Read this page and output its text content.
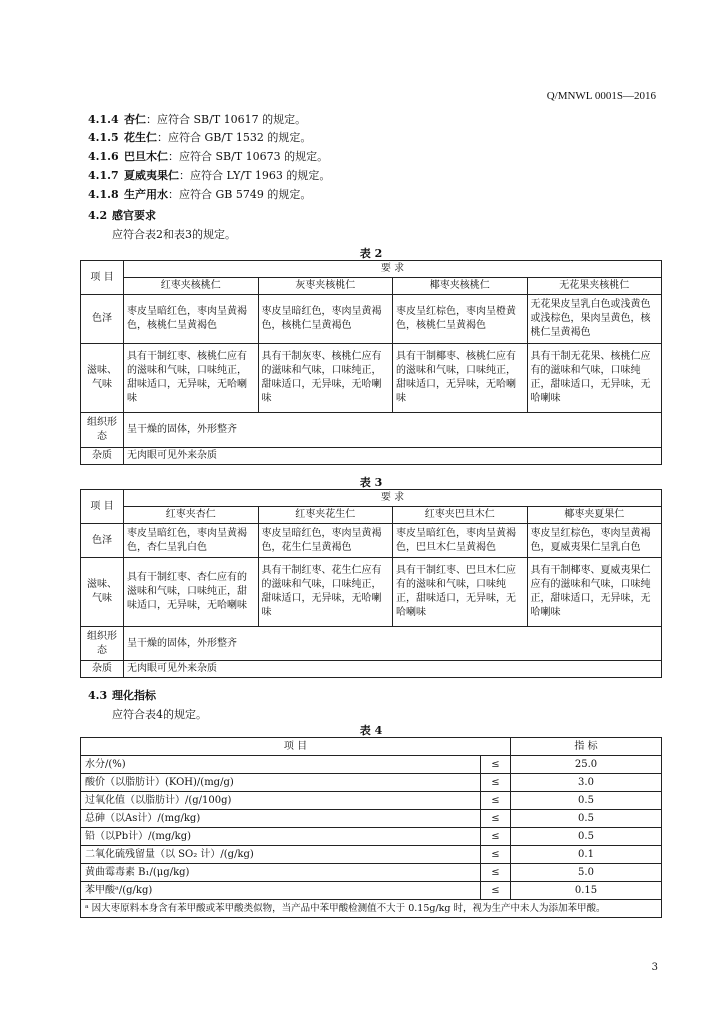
Q/MNWL 0001S—2016
4.1.4 杏仁：应符合 SB/T 10617 的规定。
4.1.5 花生仁：应符合 GB/T 1532 的规定。
4.1.6 巴旦木仁：应符合 SB/T 10673 的规定。
4.1.7 夏威夷果仁：应符合 LY/T 1963 的规定。
4.1.8 生产用水：应符合 GB 5749 的规定。
4.2 感官要求
应符合表2和表3的规定。
表 2
项 目	要 求			
	红枣夹核桃仁	灰枣夹核桃仁	椰枣夹核桃仁	无花果夹核桃仁
色泽	枣皮呈暗红色，枣肉呈黄褐色，核桃仁呈黄褐色	枣皮呈暗红色，枣肉呈黄褐色，核桃仁呈黄褐色	枣皮呈红棕色，枣肉呈橙黄色，核桃仁呈黄褐色	无花果皮呈乳白色或浅黄色或浅棕色，果肉呈黄色，核桃仁呈黄褐色
滋味、气味	具有干制红枣、核桃仁应有的滋味和气味，口味纯正，甜味适口，无异味，无哈喇味	具有干制灰枣、核桃仁应有的滋味和气味，口味纯正，甜味适口，无异味，无哈喇味	具有干制椰枣、核桃仁应有的滋味和气味，口味纯正，甜味适口，无异味，无哈喇味	具有干制无花果、核桃仁应有的滋味和气味，口味纯正，甜味适口，无异味，无哈喇味
组织形态	呈干燥的固体，外形整齐			
杂质	无肉眼可见外来杂质			
表 3
项 目	要 求			
	红枣夹杏仁	红枣夹花生仁	红枣夹巴旦木仁	椰枣夹夏果仁
色泽	枣皮呈暗红色，枣肉呈黄褐色，杏仁呈乳白色	枣皮呈暗红色，枣肉呈黄褐色，花生仁呈黄褐色	枣皮呈暗红色，枣肉呈黄褐色，巴旦木仁呈黄褐色	枣皮呈红棕色，枣肉呈黄褐色，夏威夷果仁呈乳白色
滋味、气味	具有干制红枣、杏仁应有的滋味和气味，口味纯正，甜味适口，无异味，无哈喇味	具有干制红枣、花生仁应有的滋味和气味，口味纯正，甜味适口，无异味，无哈喇味	具有干制红枣、巴旦木仁应有的滋味和气味，口味纯正，甜味适口，无异味，无哈喇味	具有干制椰枣、夏威夷果仁应有的滋味和气味，口味纯正，甜味适口，无异味，无哈喇味
组织形态	呈干燥的固体，外形整齐			
杂质	无肉眼可见外来杂质			
4.3 理化指标
应符合表4的规定。
表 4
项 目		指 标
水分/(%)	≤	25.0
酸价（以脂肪计）(KOH)/(mg/g)	≤	3.0
过氧化值（以脂肪计）/(g/100g)	≤	0.5
总砷（以As计）/(mg/kg)	≤	0.5
铅（以Pb计）/(mg/kg)	≤	0.5
二氧化硫残留量（以 SO₂ 计）/(g/kg)	≤	0.1
黄曲霉毒素 B₁/(μg/kg)	≤	5.0
苯甲酸ᵃ/(g/kg)	≤	0.15
ᵃ 因大枣原料本身含有苯甲酸或苯甲酸类似物，当产品中苯甲酸检测值不大于 0.15g/kg 时，视为生产中未人为添加苯甲酸。		
3
